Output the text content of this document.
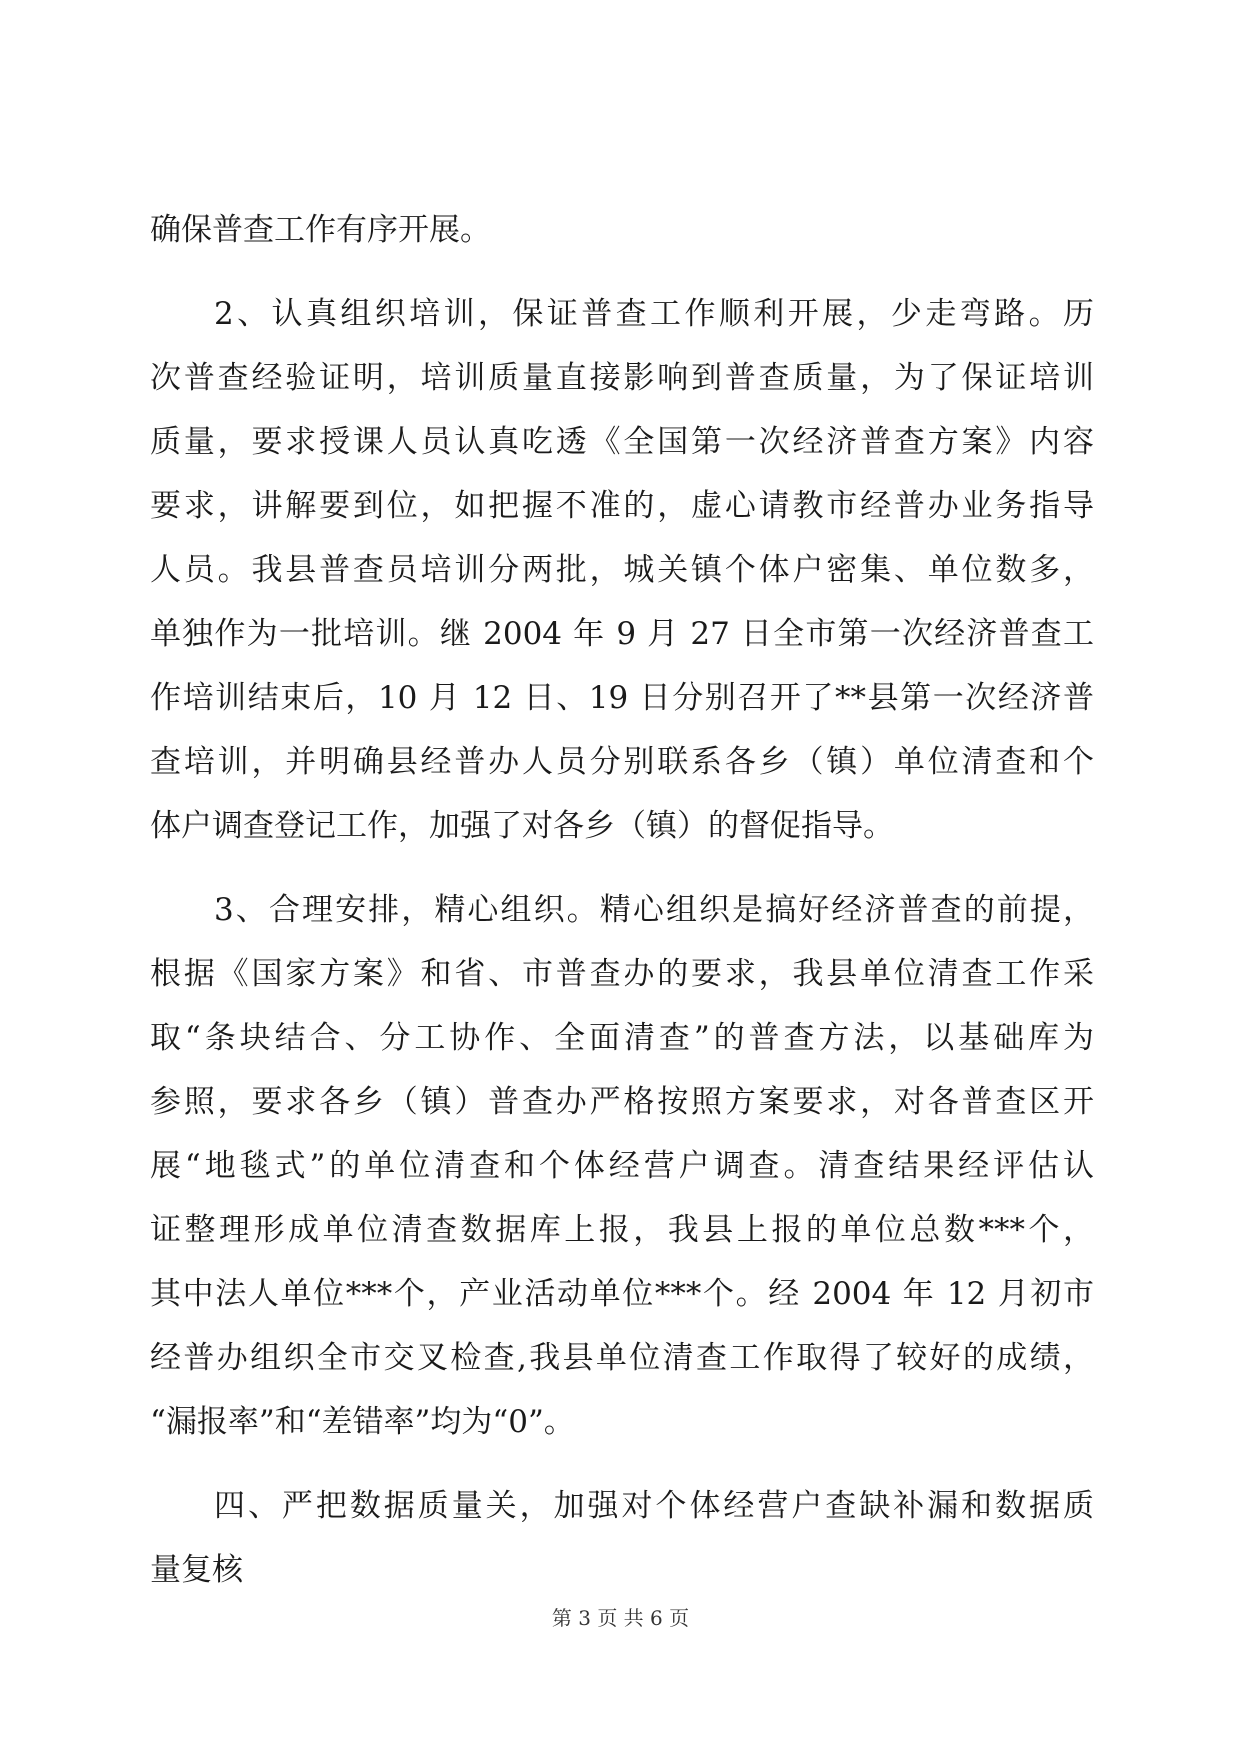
确保普查工作有序开展。
2、认真组织培训，保证普查工作顺利开展，少走弯路。历
次普查经验证明，培训质量直接影响到普查质量，为了保证培训
质量，要求授课人员认真吃透《全国第一次经济普查方案》内容
要求，讲解要到位，如把握不准的，虚心请教市经普办业务指导
人员。我县普查员培训分两批，城关镇个体户密集、单位数多，
单独作为一批培训。继 2004 年 9 月 27 日全市第一次经济普查工
作培训结束后，10 月 12 日、19 日分别召开了**县第一次经济普
查培训，并明确县经普办人员分别联系各乡（镇）单位清查和个
体户调查登记工作，加强了对各乡（镇）的督促指导。
3、合理安排，精心组织。精心组织是搞好经济普查的前提，
根据《国家方案》和省、市普查办的要求，我县单位清查工作采
取“条块结合、分工协作、全面清查”的普查方法，以基础库为
参照，要求各乡（镇）普查办严格按照方案要求，对各普查区开
展“地毯式”的单位清查和个体经营户调查。清查结果经评估认
证整理形成单位清查数据库上报，我县上报的单位总数***个，
其中法人单位***个，产业活动单位***个。经 2004 年 12 月初市
经普办组织全市交叉检查,我县单位清查工作取得了较好的成绩，
“漏报率”和“差错率”均为“0”。
四、严把数据质量关，加强对个体经营户查缺补漏和数据质
量复核
第 3 页 共 6 页
